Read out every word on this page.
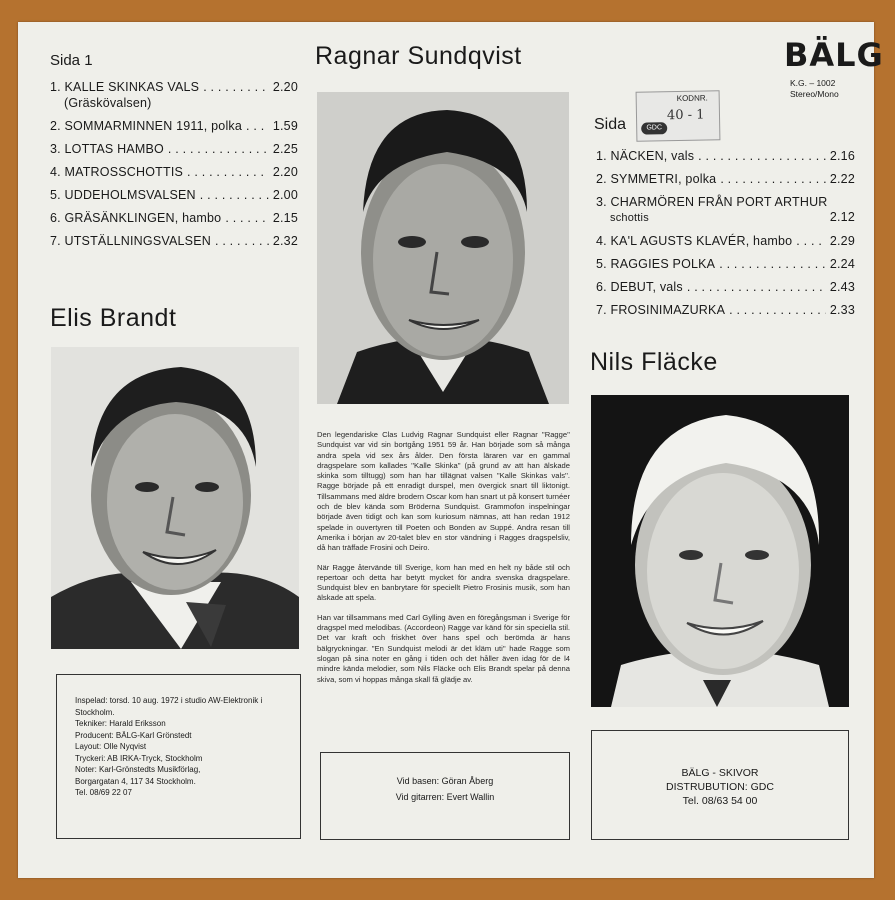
Sida 1
1. KALLE SKINKAS VALS . . .	2.20
(Gräskövalsen)
2. SOMMARMINNEN 1911, polka . . . 1.59
3. LOTTAS HAMBO . . .	2.25
4. MATROSSCHOTTIS . . .	2.20
5. UDDEHOLMSVALSEN . . .	2.00
6. GRÄSÄNKLINGEN, hambo . . .	2.15
7. UTSTÄLLNINGSVALSEN . . .	2.32
Ragnar Sundqvist	BÄLG
K.G. – 1002
Stereo/Mono
Sida
KODNR.
40 - 1
GDC
1. NÄCKEN, vals . . .	2.16
2. SYMMETRI, polka . . .	2.22
3. CHARMÖREN FRÅN PORT ARTHUR
schottis	2.12
4. KA'L AGUSTS KLAVÉR, hambo . . .	2.29
5. RAGGIES POLKA . . .	2.24
6. DEBUT, vals . . .	2.43
7. FROSINIMAZURKA . . .	2.33
Elis Brandt
Nils Fläcke

Den legendariske Clas Ludvig Ragnar Sundquist eller Ragnar ''Ragge'' Sundquist var vid sin bortgång 1951 59 år. Han började som så många andra spela vid sex års ålder. Den första läraren var en gammal dragspelare som kallades ''Kalle Skinka'' (på grund av att han älskade skinka som tilltugg) som han har tillägnat valsen ''Kalle Skinkas vals''. Ragge började på ett enradigt durspel, men övergick snart till liktonigt. Tillsammans med äldre brodern Oscar kom han snart ut på konsert turnéer och de blev kända som Bröderna Sundquist. Grammofon inspelningar började även tidigt och kan som kuriosum nämnas, att han redan 1912 spelade in ouvertyren till Poeten och Bonden av Suppé. Andra resan till Amerika i början av 20-talet blev en stor vändning i Ragges dragspelsliv, då han träffade Frosini och Deiro.

När Ragge återvände till Sverige, kom han med en helt ny både stil och repertoar och detta har betytt mycket för andra svenska dragspelare. Sundquist blev en banbrytare för speciellt Pietro Frosinis musik, som han älskade att spela.

Han var tillsammans med Carl Gylling även en föregångsman i Sverige för dragspel med melodibas. (Accordeon) Ragge var känd för sin speciella stil. Det var kraft och friskhet över hans spel och berömda är hans bälgryckningar. ''En Sundquist melodi är det kläm uti'' hade Ragge som slogan på sina noter en gång i tiden och det håller även idag för de l4 mindre kända melodier, som Nils Fläcke och Elis Brandt spelar på denna skiva, som vi hoppas många skall få glädje av.

Inspelad: torsd. 10 aug. 1972 i studio AW-Elektronik i
Stockholm.
Tekniker: Harald Eriksson
Producent: BÄLG-Karl Grönstedt
Layout: Olle Nyqvist
Tryckeri: AB IRKA-Tryck, Stockholm
Noter: Karl-Grönstedts Musikförlag,
Borgargatan 4, 117 34 Stockholm.
Tel. 08/69 22 07
Vid basen: Göran Åberg
Vid gitarren: Evert Wallin
BÄLG - SKIVOR
DISTRUBUTION: GDC
Tel. 08/63 54 00
